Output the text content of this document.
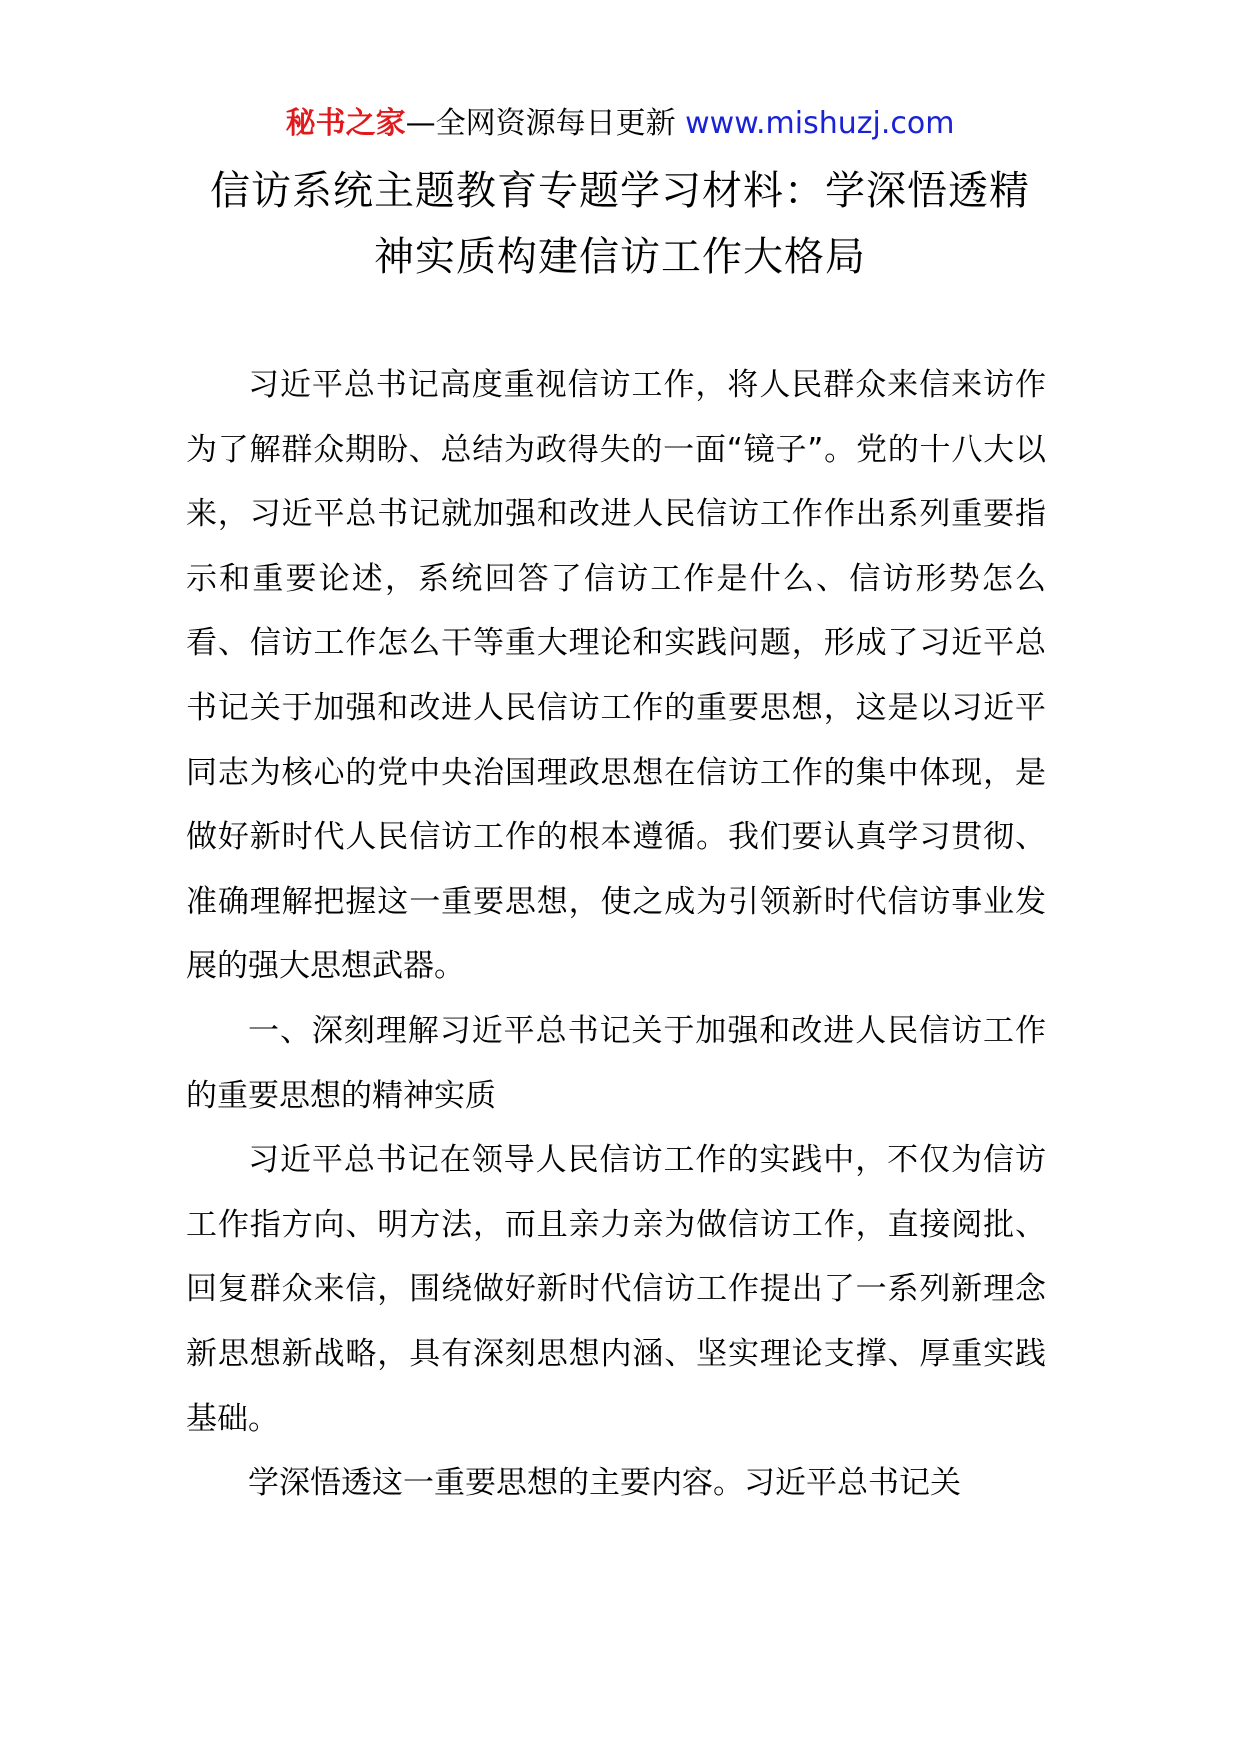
秘书之家—全网资源每日更新 www.mishuzj.com
信访系统主题教育专题学习材料：学深悟透精
神实质构建信访工作大格局

习近平总书记高度重视信访工作，将人民群众来信来访作为了解群众期盼、总结为政得失的一面“镜子”。党的十八大以来，习近平总书记就加强和改进人民信访工作作出系列重要指示和重要论述，系统回答了信访工作是什么、信访形势怎么看、信访工作怎么干等重大理论和实践问题，形成了习近平总书记关于加强和改进人民信访工作的重要思想，这是以习近平同志为核心的党中央治国理政思想在信访工作的集中体现，是做好新时代人民信访工作的根本遵循。我们要认真学习贯彻、准确理解把握这一重要思想，使之成为引领新时代信访事业发展的强大思想武器。

一、深刻理解习近平总书记关于加强和改进人民信访工作的重要思想的精神实质

习近平总书记在领导人民信访工作的实践中，不仅为信访工作指方向、明方法，而且亲力亲为做信访工作，直接阅批、回复群众来信，围绕做好新时代信访工作提出了一系列新理念新思想新战略，具有深刻思想内涵、坚实理论支撑、厚重实践基础。

学深悟透这一重要思想的主要内容。习近平总书记关
